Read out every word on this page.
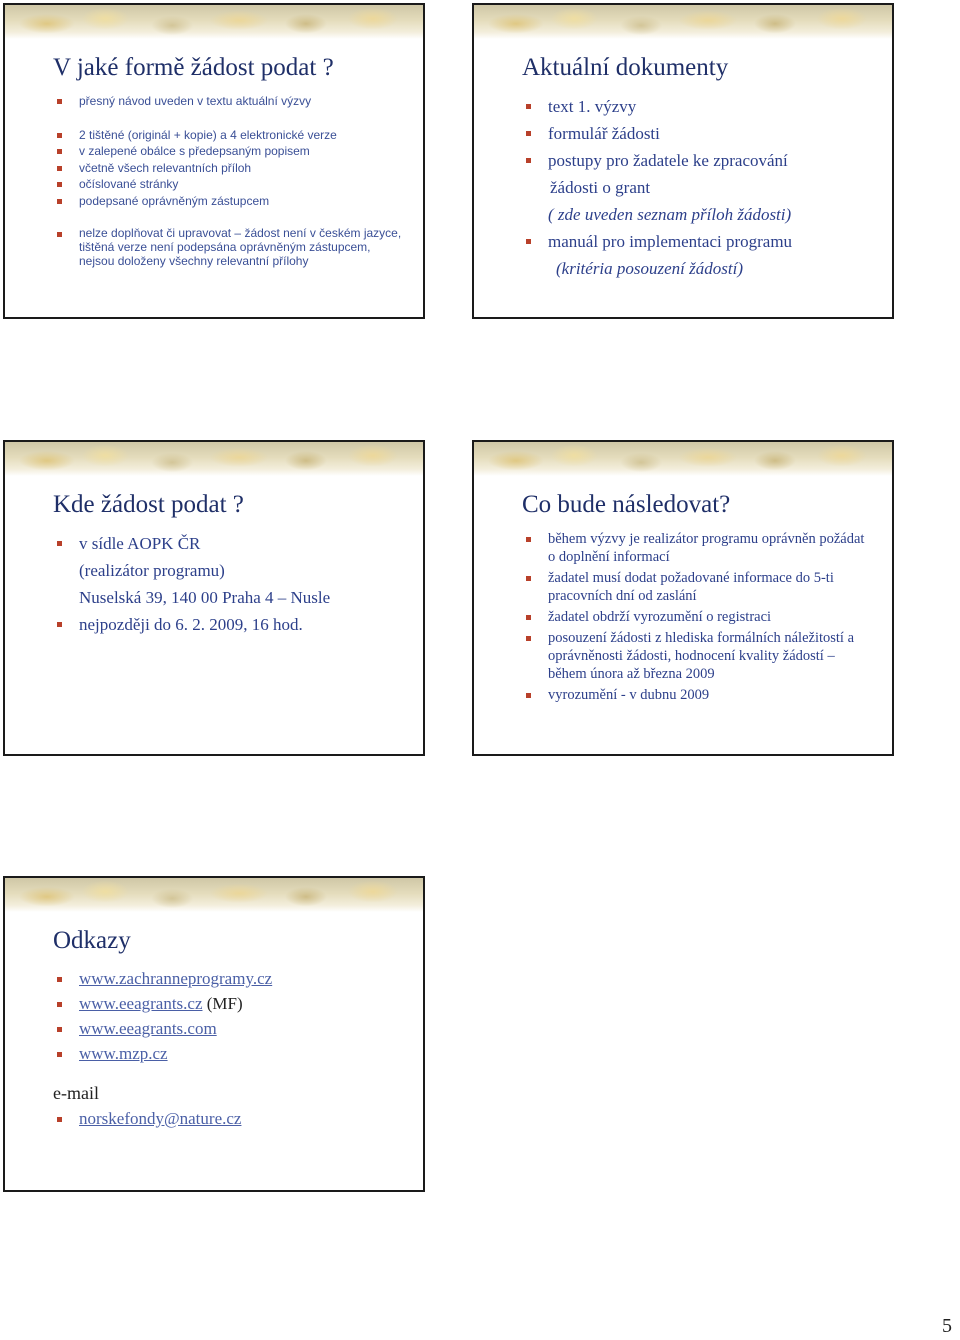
V jaké formě žádost podat ?
přesný návod uveden v textu aktuální výzvy
2 tištěné (originál + kopie) a 4 elektronické verze
v zalepené obálce s předepsaným popisem
včetně všech relevantních příloh
očíslované stránky
podepsané oprávněným zástupcem
nelze doplňovat či upravovat – žádost není v českém jazyce, tištěná verze není podepsána oprávněným zástupcem, nejsou doloženy všechny relevantní přílohy
Aktuální dokumenty
text 1. výzvy
formulář žádosti
postupy pro žadatele ke zpracování
žádosti o grant
( zde uveden seznam příloh žádosti)
manuál pro implementaci programu
(kritéria posouzení žádostí)
Kde žádost podat ?
v sídle AOPK ČR
(realizátor programu)
Nuselská 39, 140 00 Praha 4 – Nusle
nejpozději do 6. 2. 2009, 16 hod.
Co bude následovat?
během výzvy je realizátor programu oprávněn požádat o doplnění informací
žadatel musí dodat požadované informace do 5-ti pracovních dní od zaslání
žadatel obdrží vyrozumění o registraci
posouzení žádosti z hlediska formálních náležitostí a oprávněnosti žádosti, hodnocení kvality žádostí – během února až března 2009
vyrozumění - v dubnu 2009
Odkazy
www.zachranneprogramy.cz
www.eeagrants.cz (MF)
www.eeagrants.com
www.mzp.cz
e-mail
norskefondy@nature.cz
5
